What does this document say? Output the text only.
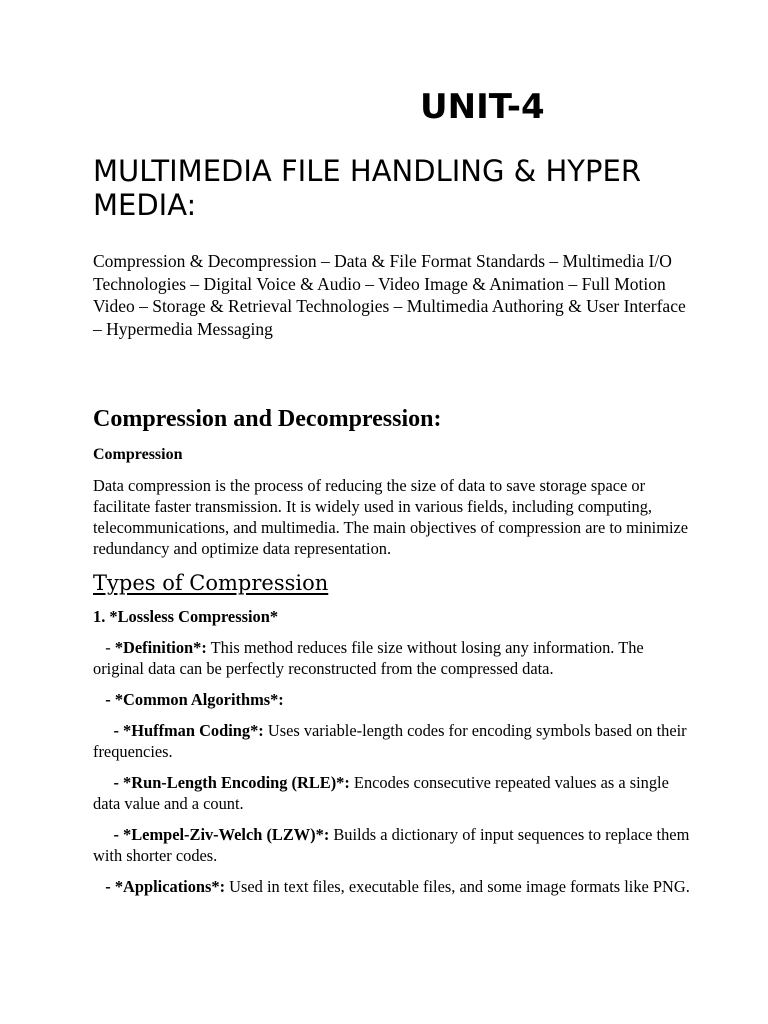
UNIT-4
MULTIMEDIA FILE HANDLING & HYPER MEDIA:

Compression & Decompression – Data & File Format Standards – Multimedia I/O Technologies – Digital Voice & Audio – Video Image & Animation – Full Motion Video – Storage & Retrieval Technologies – Multimedia Authoring & User Interface – Hypermedia Messaging

Compression and Decompression:

Compression

Data compression is the process of reducing the size of data to save storage space or facilitate faster transmission. It is widely used in various fields, including computing, telecommunications, and multimedia. The main objectives of compression are to minimize redundancy and optimize data representation.

Types of Compression

1. *Lossless Compression*

- *Definition*: This method reduces file size without losing any information. The original data can be perfectly reconstructed from the compressed data.

- *Common Algorithms*:

- *Huffman Coding*: Uses variable-length codes for encoding symbols based on their frequencies.

- *Run-Length Encoding (RLE)*: Encodes consecutive repeated values as a single data value and a count.

- *Lempel-Ziv-Welch (LZW)*: Builds a dictionary of input sequences to replace them with shorter codes.

- *Applications*: Used in text files, executable files, and some image formats like PNG.
